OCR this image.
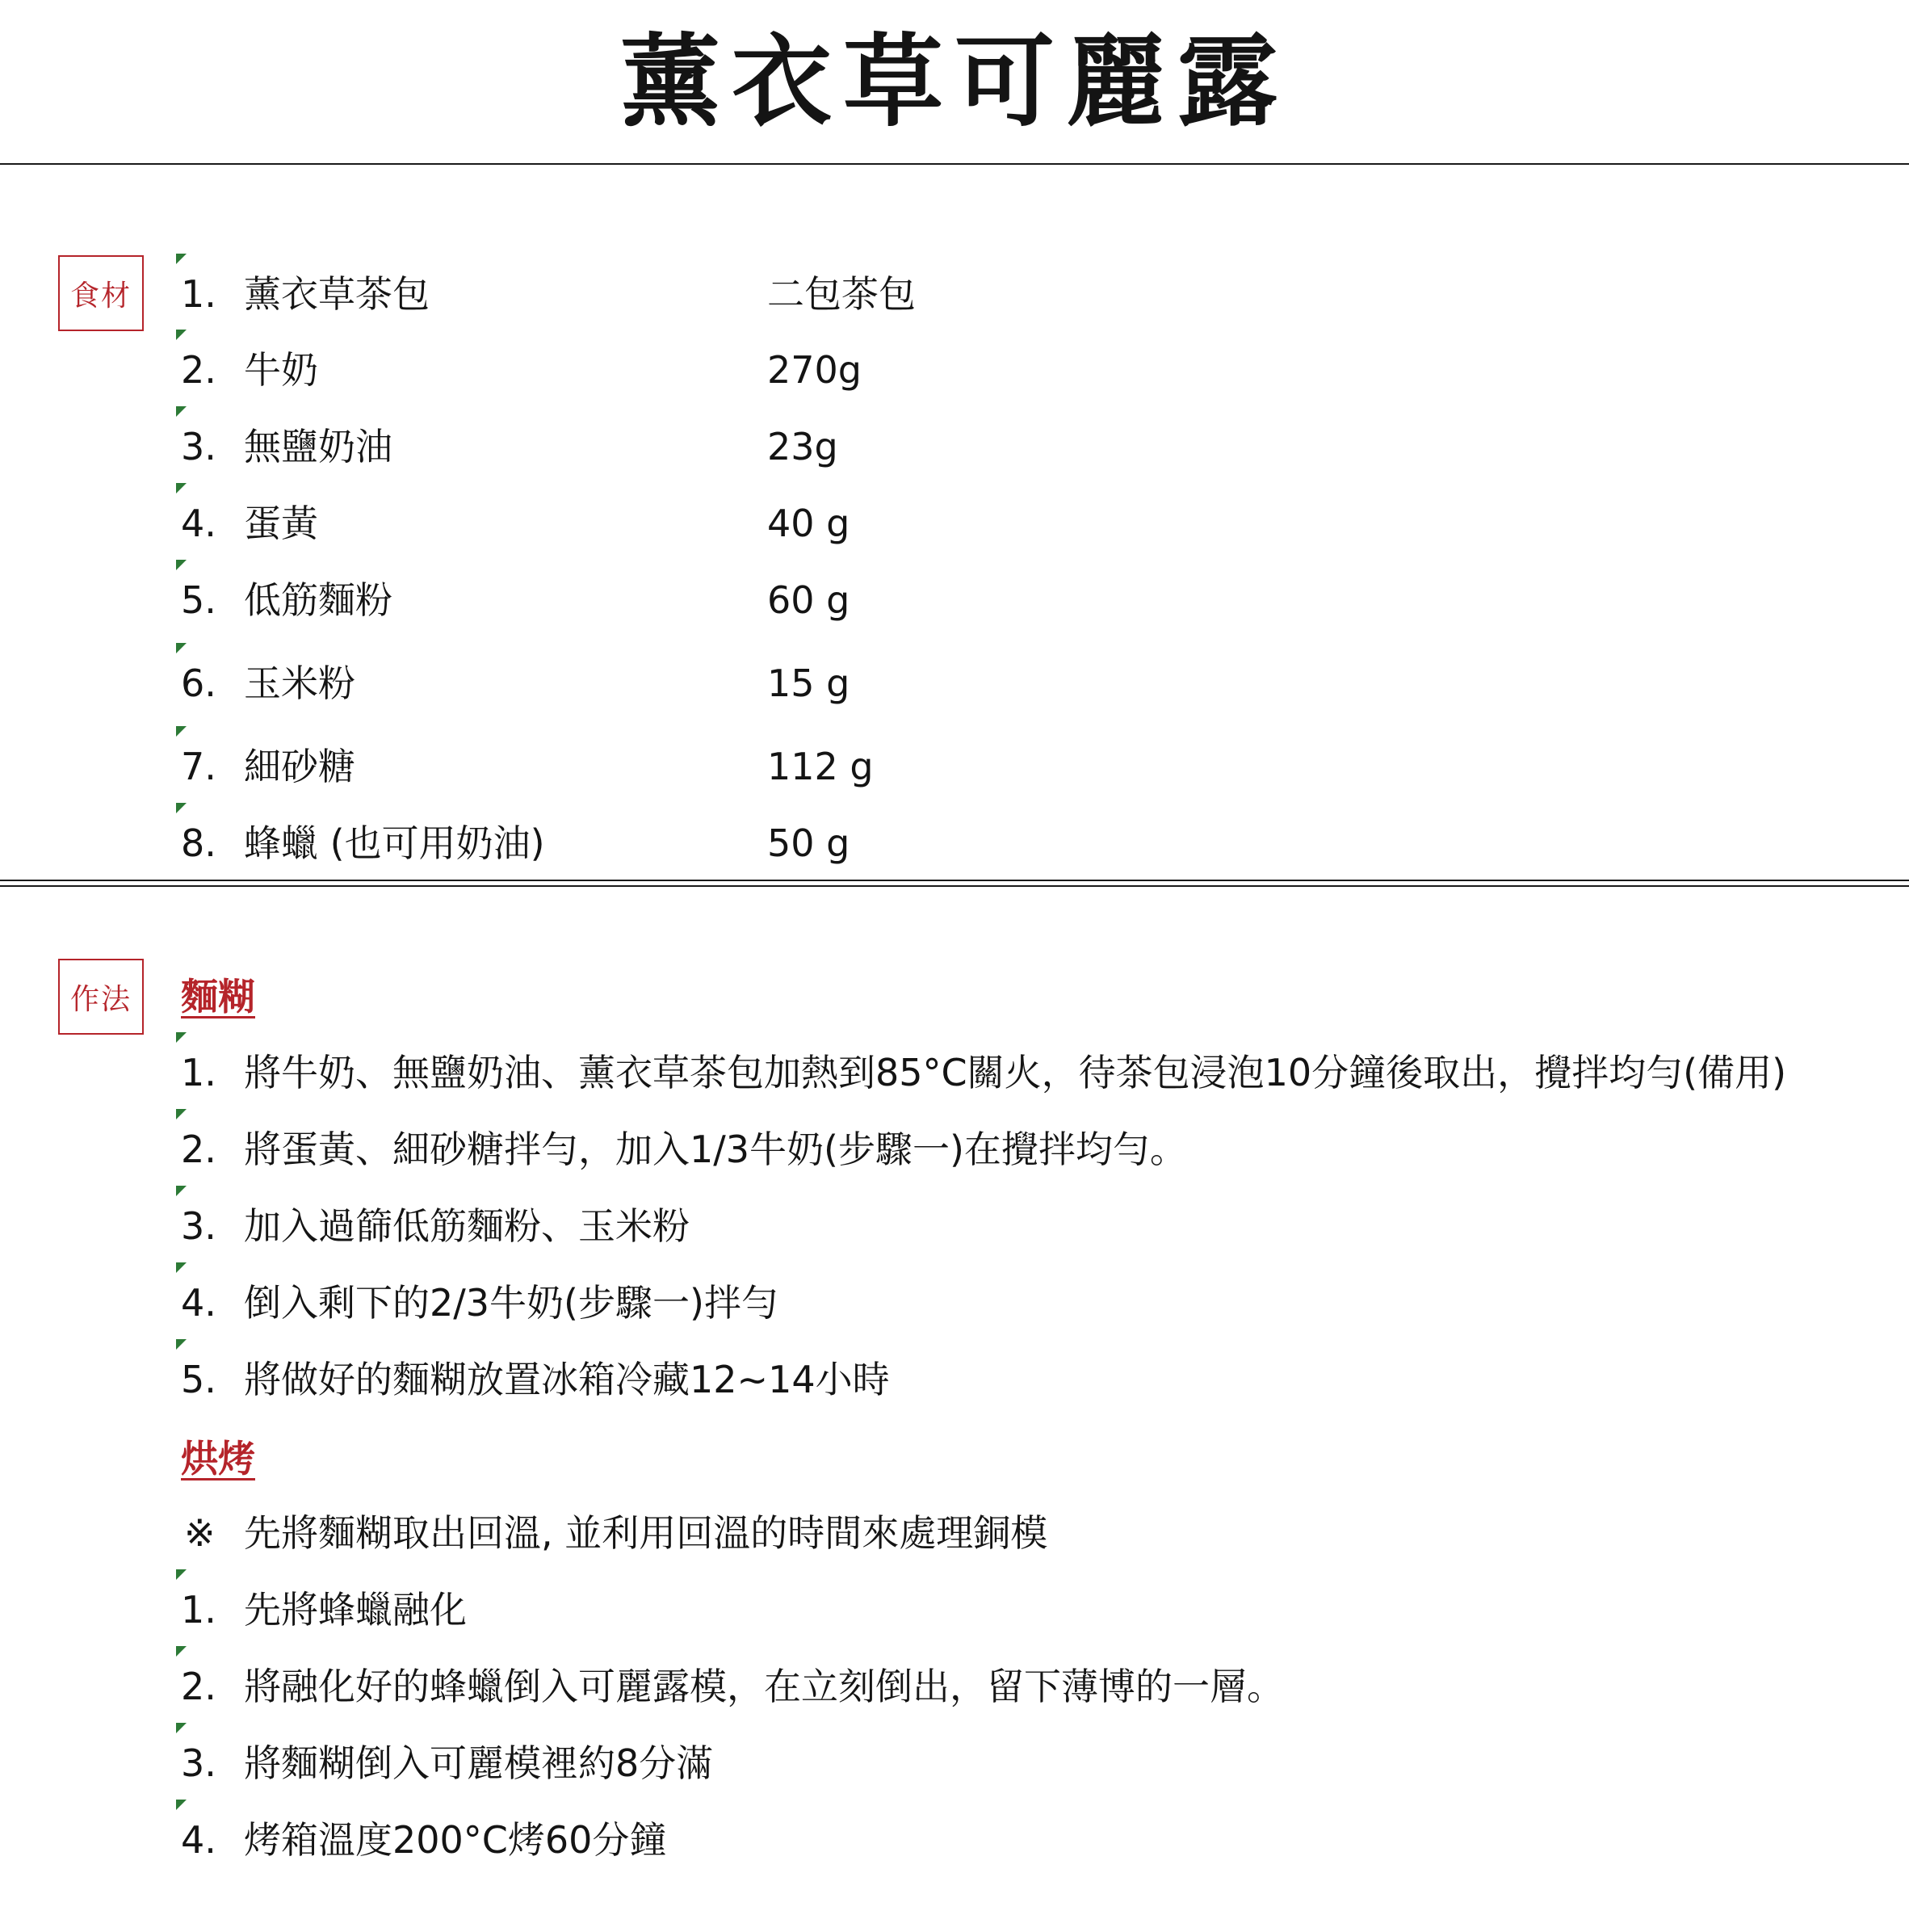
薰衣草可麗露
食材	1. 薰衣草茶包	二包茶包
2. 牛奶	270g
3. 無鹽奶油	23g
4. 蛋黃	40 g
5. 低筋麵粉	60 g
6. 玉米粉	15 g
7. 細砂糖	112 g
8. 蜂蠟 (也可用奶油)	50 g
作法	麵糊
1. 將牛奶、無鹽奶油、薰衣草茶包加熱到85°C關火，待茶包浸泡10分鐘後取出，攪拌均勻(備用)
2. 將蛋黃、細砂糖拌勻，加入1/3牛奶(步驟一)在攪拌均勻。
3. 加入過篩低筋麵粉、玉米粉
4. 倒入剩下的2/3牛奶(步驟一)拌勻
5. 將做好的麵糊放置冰箱冷藏12~14小時
烘烤
※ 先將麵糊取出回溫, 並利用回溫的時間來處理銅模
1. 先將蜂蠟融化
2. 將融化好的蜂蠟倒入可麗露模，在立刻倒出，留下薄博的一層。
3. 將麵糊倒入可麗模裡約8分滿
4. 烤箱溫度200°C烤60分鐘
